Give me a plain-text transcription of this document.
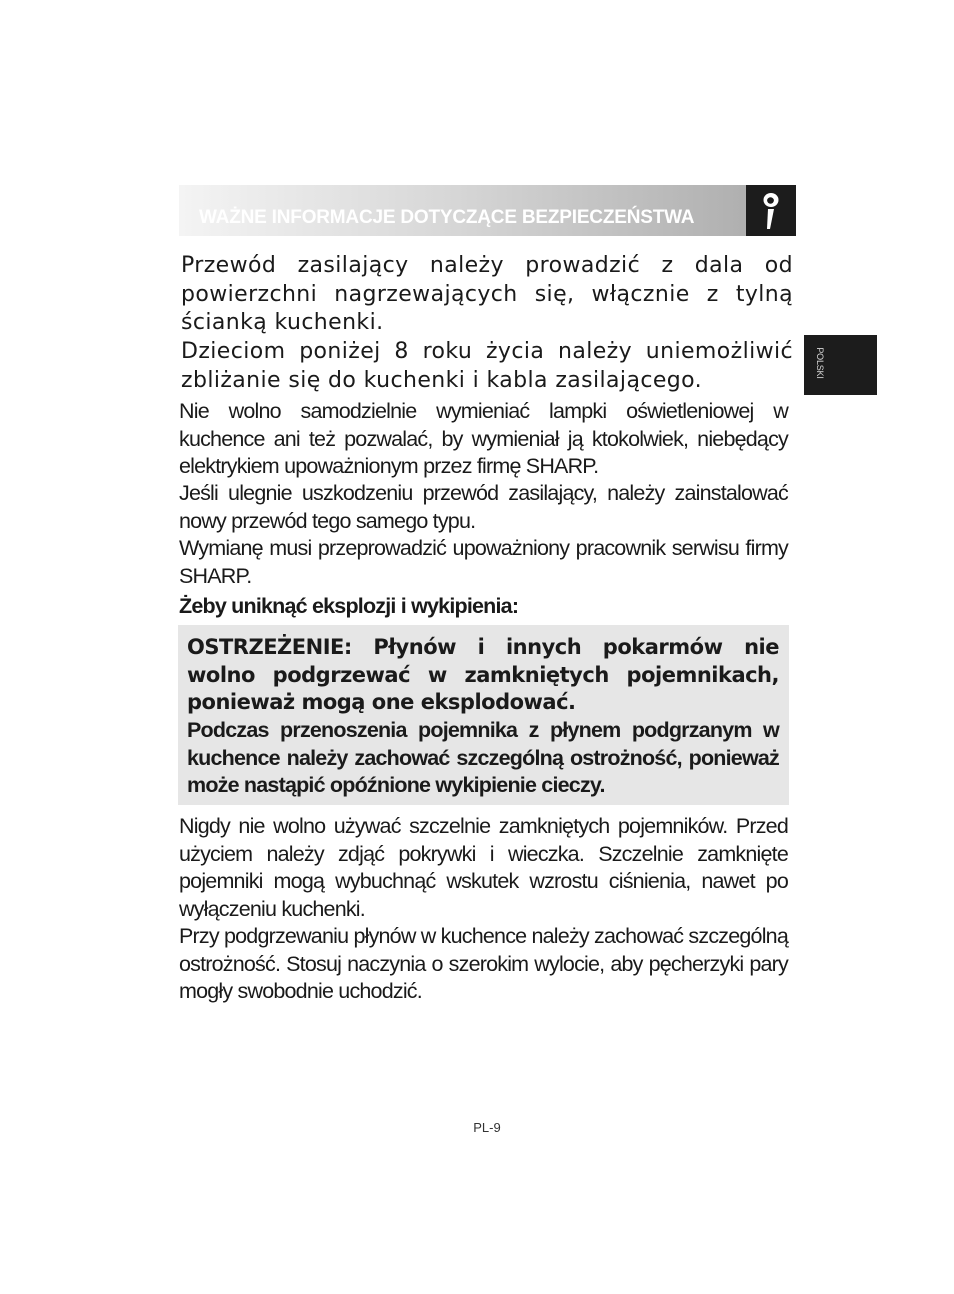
WAŻNE INFORMACJE DOTYCZĄCE BEZPIECZEŃSTWA
POLSKI

Przewód zasilający należy prowadzić z dala od powierzchni nagrzewających się, włącznie z tylną ścianką kuchenki.

Dzieciom poniżej 8 roku życia należy uniemożliwić zbliżanie się do kuchenki i kabla zasilającego.

Nie wolno samodzielnie wymieniać lampki oświetleniowej w kuchence ani też pozwalać, by wymieniał ją ktokolwiek, niebędący elektrykiem upoważnionym przez firmę SHARP.

Jeśli ulegnie uszkodzeniu przewód zasilający, należy zainstalować nowy przewód tego samego typu.

Wymianę musi przeprowadzić upoważniony pracownik serwisu firmy SHARP.

Żeby uniknąć eksplozji i wykipienia:

OSTRZEŻENIE: Płynów i innych pokarmów nie wolno podgrzewać w zamkniętych pojemnikach, ponieważ mogą one eksplodować.

Podczas przenoszenia pojemnika z płynem podgrzanym w kuchence należy zachować szczególną ostrożność, ponieważ może nastąpić opóźnione wykipienie cieczy.

Nigdy nie wolno używać szczelnie zamkniętych pojemników. Przed użyciem należy zdjąć pokrywki i wieczka. Szczelnie zamknięte pojemniki mogą wybuchnąć wskutek wzrostu ciśnienia, nawet po wyłączeniu kuchenki.

Przy podgrzewaniu płynów w kuchence należy zachować szczególną ostrożność. Stosuj naczynia o szerokim wylocie, aby pęcherzyki pary mogły swobodnie uchodzić.

PL-9
